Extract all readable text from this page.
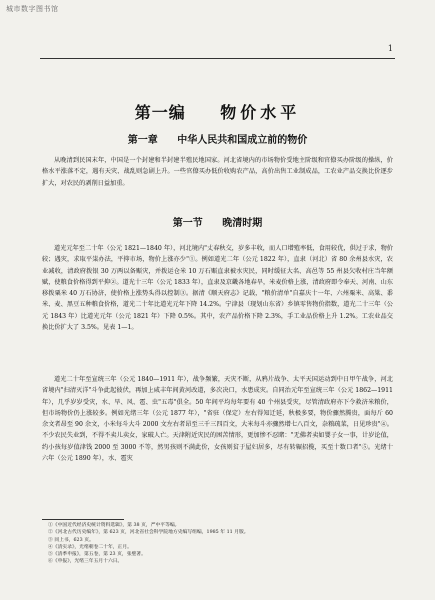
城市数字图书馆
1
第一编 物价水平
第一章 中华人民共和国成立前的物价

从晚清到民国末年，中国是一个封建和半封建半殖民地国家。河北省境内的市场物价受地主阶级和官僚买办阶级的操纵，价格水平涨落不定，遇有天灾、战乱则急剧上升。一些官僚买办低价收购农产品，高价出售工业制成品，工农业产品交换比价逐步扩大，对农民的剥削日益加重。

第一节 晚清时期

道光元年至二十年（公元 1821—1840 年），河北境内"丈春秋交，岁多丰收，而人口增殖率低，食用较优，供过于求，物价较；遇灾，求取平粜办法，平抑市场，物价上涨亦少"①。例如道光二年（公元 1822 年），直隶（河北）省 80 余州县水灾，农业减收，清政府拨银 30 万两以备赈灾，并拨运仓米 10 万石赈直隶被水灾民，同时缓征大名、高邑等 55 州县欠收村庄当年额赋，使粮食价格得到平抑②。道光十三年（公元 1833 年），直隶及京畿各地春旱，米麦价格上涨，清政府即令奉天、河南、山东移拨粟米 40 万石协济，使价格上涨势头得以控制③。据清《顺天府志》记载，"粮价清单"自嘉庆十一年、六州粟米、高粱、黍米、麦、黑豆五种粮食价格，道光二十年比道光元年下降 14.2%。宁津县（现划山东省）乡镇零售物价指数，道光二十三年（公元 1843 年）比道光元年（公元 1821 年）下降 0.5%。其中，农产品价格下降 2.3%，手工业品价格上升 1.2%。工农业品交换比价扩大了 3.5%。见表 1—1。

道光二十年至宣统三年（公元 1840—1911 年），战争频繁，天灾不断，从鸦片战争、太平天国运动到中日甲午战争，河北省境内"扫清灭洋"斗争此起彼伏，再加上咸丰年间黄河改道，多次决口，水患成灾。自同治元年至宣统三年（公元 1862—1911 年），几乎岁岁受灾，水、旱、风、雹、虫"五毒"俱全。50 年间平均每年要有 40 个州县受灾，尽管清政府亦下令救济米粮价，但市场物价仍上涨较多。例如光绪三年（公元 1877 年），"省驻（保定）左右得知迁延，秋极多要，物价骤然腾贵，面每斤 60 余文者昂至 90 余文，小米每斗大斗 2000 文左右者昂至三千三四百文，大米每斗亦骤然增七八百文，杂粮疏菜，日见珍贵"④。不少农民失业到，不得不卖儿卖女，家破人亡。天津附近灾民的困苦情形，更加惨不忍睹："无佛者卖如婴子女一事，计岁论值，约小孩每岁值津钱 2000 至 3000 不等，然男孩则不满此价，女孩则贫于屋妇居多，尽有转辗招揽，买至十数口者"⑤。光绪十六年（公元 1890 年），水、雹灾

①《中国近代经济史统计资料选辑》，第 38 页，严中平等编。
②《河北古代历史编年》，第 623 页，河北省社会科学院地方史编写组编，1985 年 11 月版。
③ 同上书，623 页。
④《清实录》，光绪朝卷二十年，正月。
⑤《清季申报》，第五卷，第 23 页，张璧著。
⑥《申报》，光绪三年五月十六日。
